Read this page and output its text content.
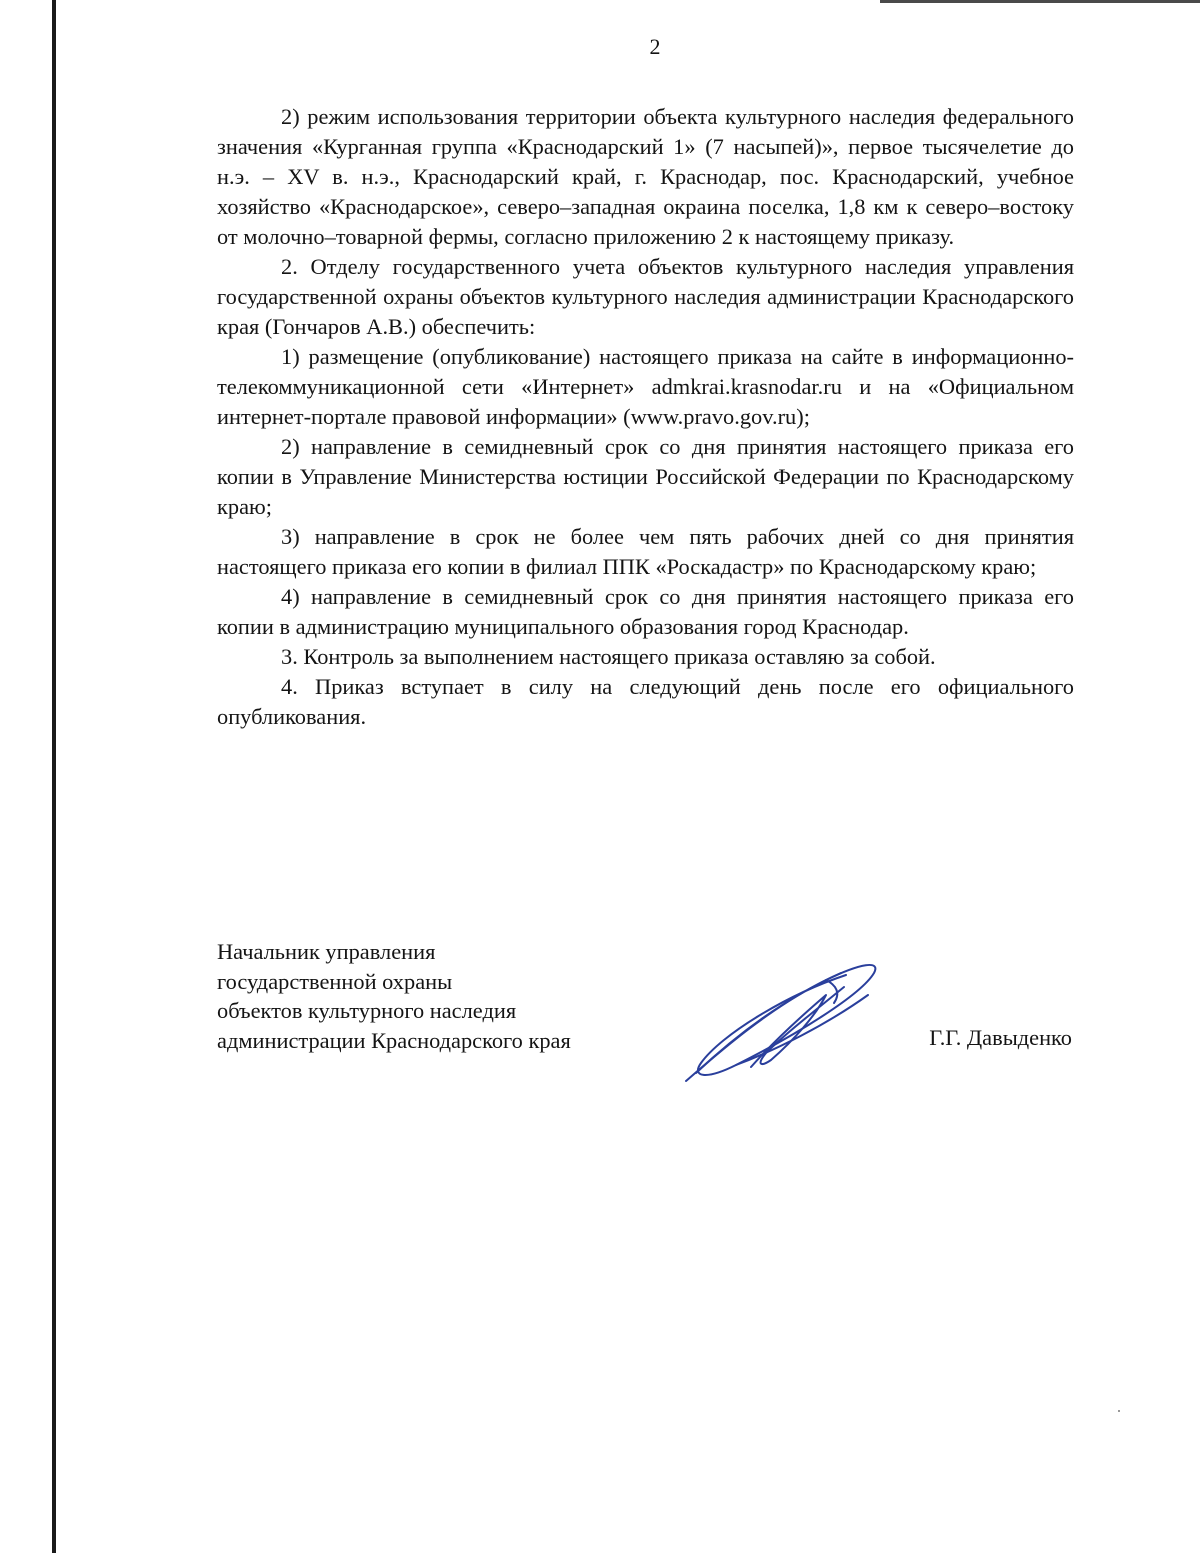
2

2) режим использования территории объекта культурного наследия федерального значения «Курганная группа «Краснодарский 1» (7 насыпей)», первое тысячелетие до н.э. – XV в. н.э., Краснодарский край, г. Краснодар, пос. Краснодарский, учебное хозяйство «Краснодарское», северо–западная окраина поселка, 1,8 км к северо–востоку от молочно–товарной фермы, согласно приложению 2 к настоящему приказу.

2. Отделу государственного учета объектов культурного наследия управления государственной охраны объектов культурного наследия администрации Краснодарского края (Гончаров А.В.) обеспечить:

1) размещение (опубликование) настоящего приказа на сайте в информационно-телекоммуникационной сети «Интернет» admkrai.krasnodar.ru и на «Официальном интернет-портале правовой информации» (www.pravo.gov.ru);

2) направление в семидневный срок со дня принятия настоящего приказа его копии в Управление Министерства юстиции Российской Федерации по Краснодарскому краю;

3) направление в срок не более чем пять рабочих дней со дня принятия настоящего приказа его копии в филиал ППК «Роскадастр» по Краснодарскому краю;

4) направление в семидневный срок со дня принятия настоящего приказа его копии в администрацию муниципального образования город Краснодар.

3. Контроль за выполнением настоящего приказа оставляю за собой.

4. Приказ вступает в силу на следующий день после его официального опубликования.

Начальник управления
государственной охраны
объектов культурного наследия
администрации Краснодарского края	Г.Г. Давыденко
